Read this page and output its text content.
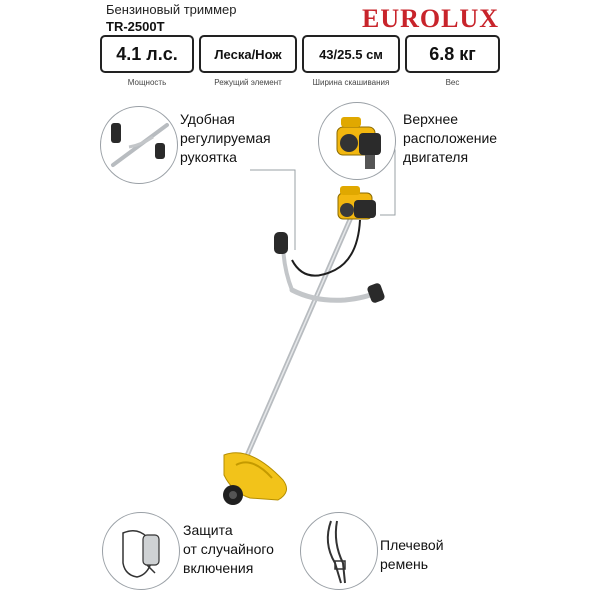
Бензиновый триммер
TR-2500T	EUROLUX
4.1 л.с.
Мощность
Леска/Нож
Режущий элемент
43/25.5 см
Ширина скашивания
6.8 кг
Вес
Удобная
регулируемая
рукоятка
Верхнее
расположение
двигателя
Защита
от случайного
включения
Плечевой
ремень
